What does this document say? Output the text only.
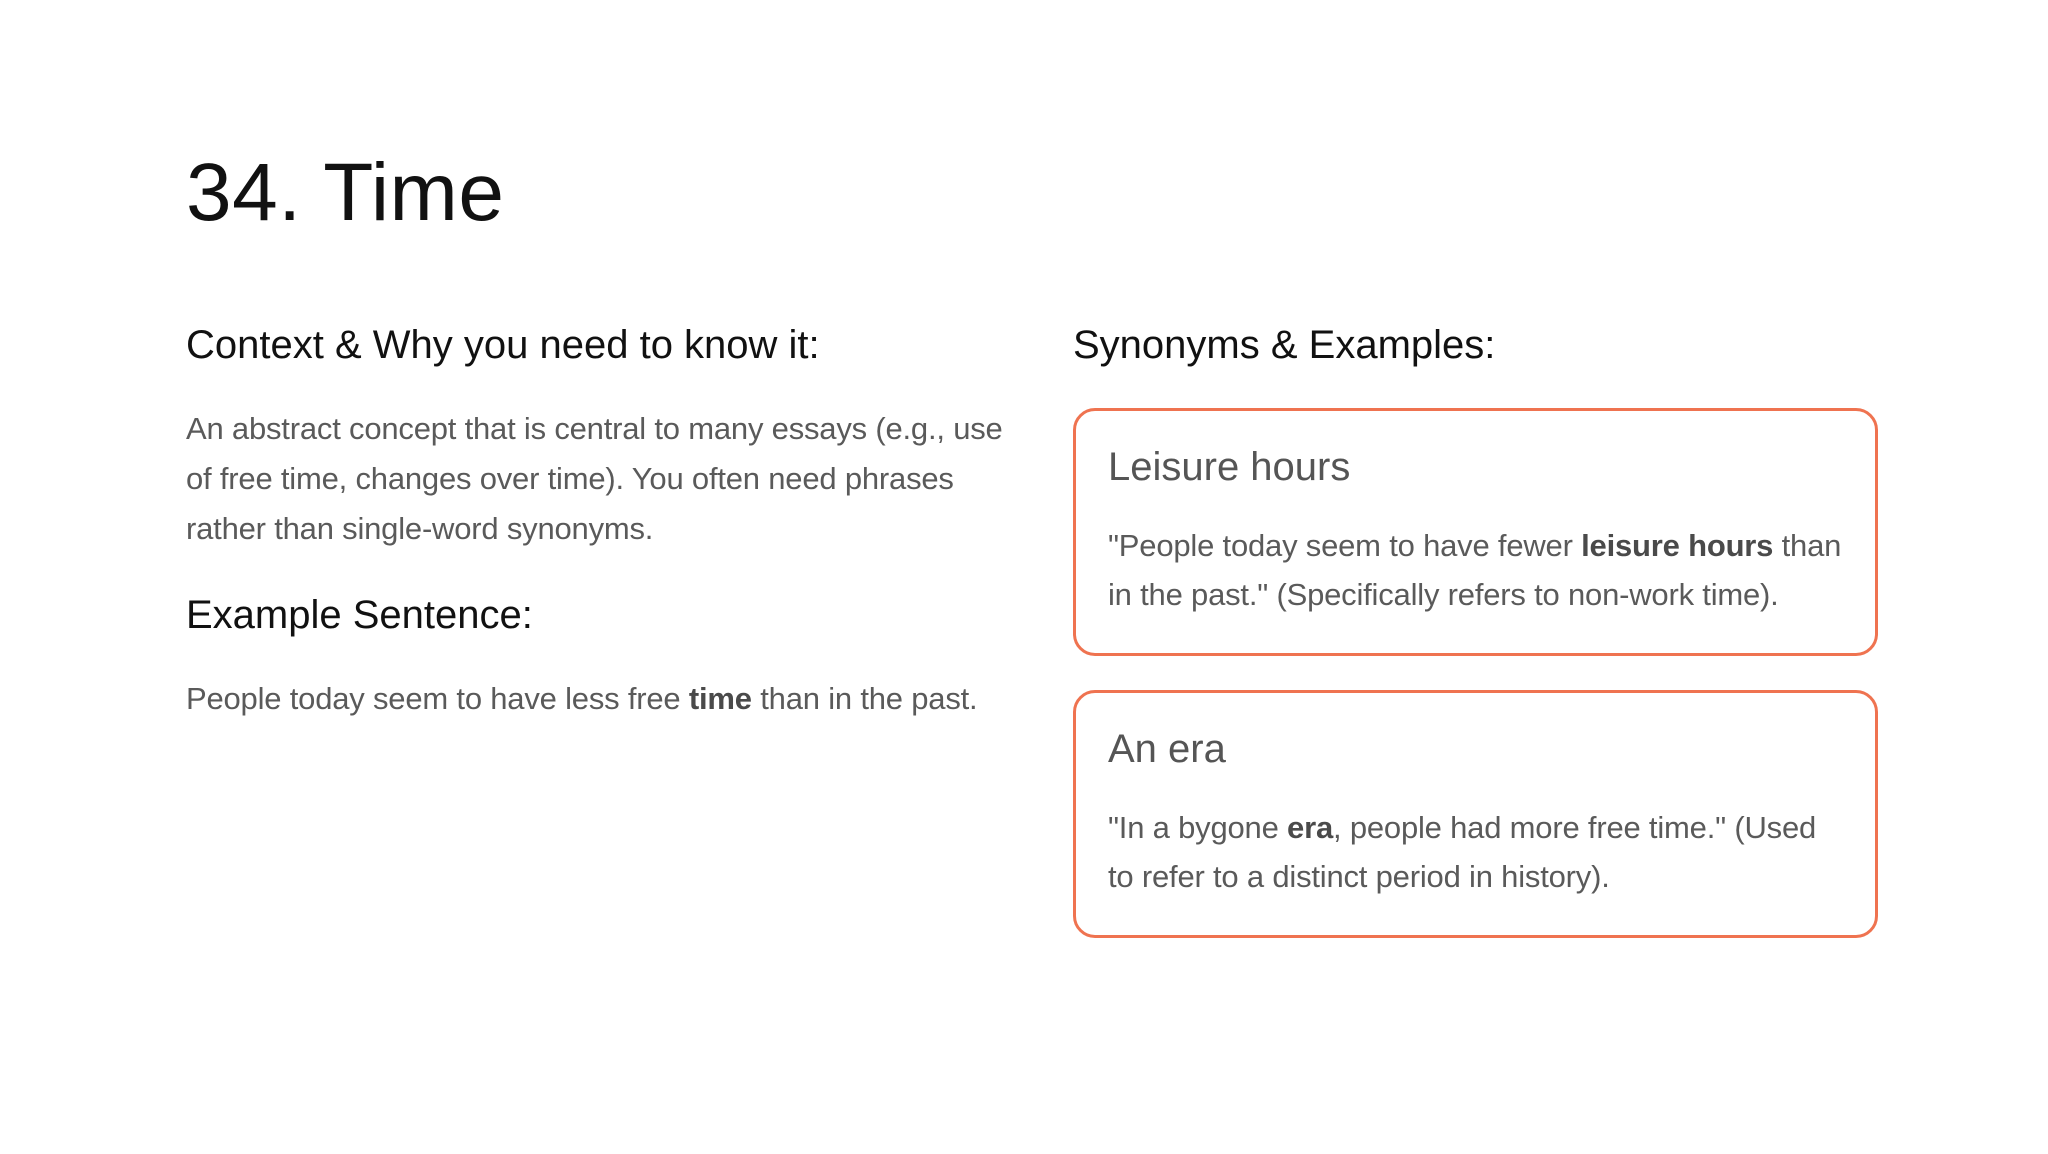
34. Time
Context & Why you need to know it:

An abstract concept that is central to many essays (e.g., use of free time, changes over time). You often need phrases rather than single-word synonyms.

Example Sentence:

People today seem to have less free time than in the past.

Synonyms & Examples:
Leisure hours

"People today seem to have fewer leisure hours than in the past." (Specifically refers to non-work time).

An era

"In a bygone era, people had more free time." (Used to refer to a distinct period in history).
